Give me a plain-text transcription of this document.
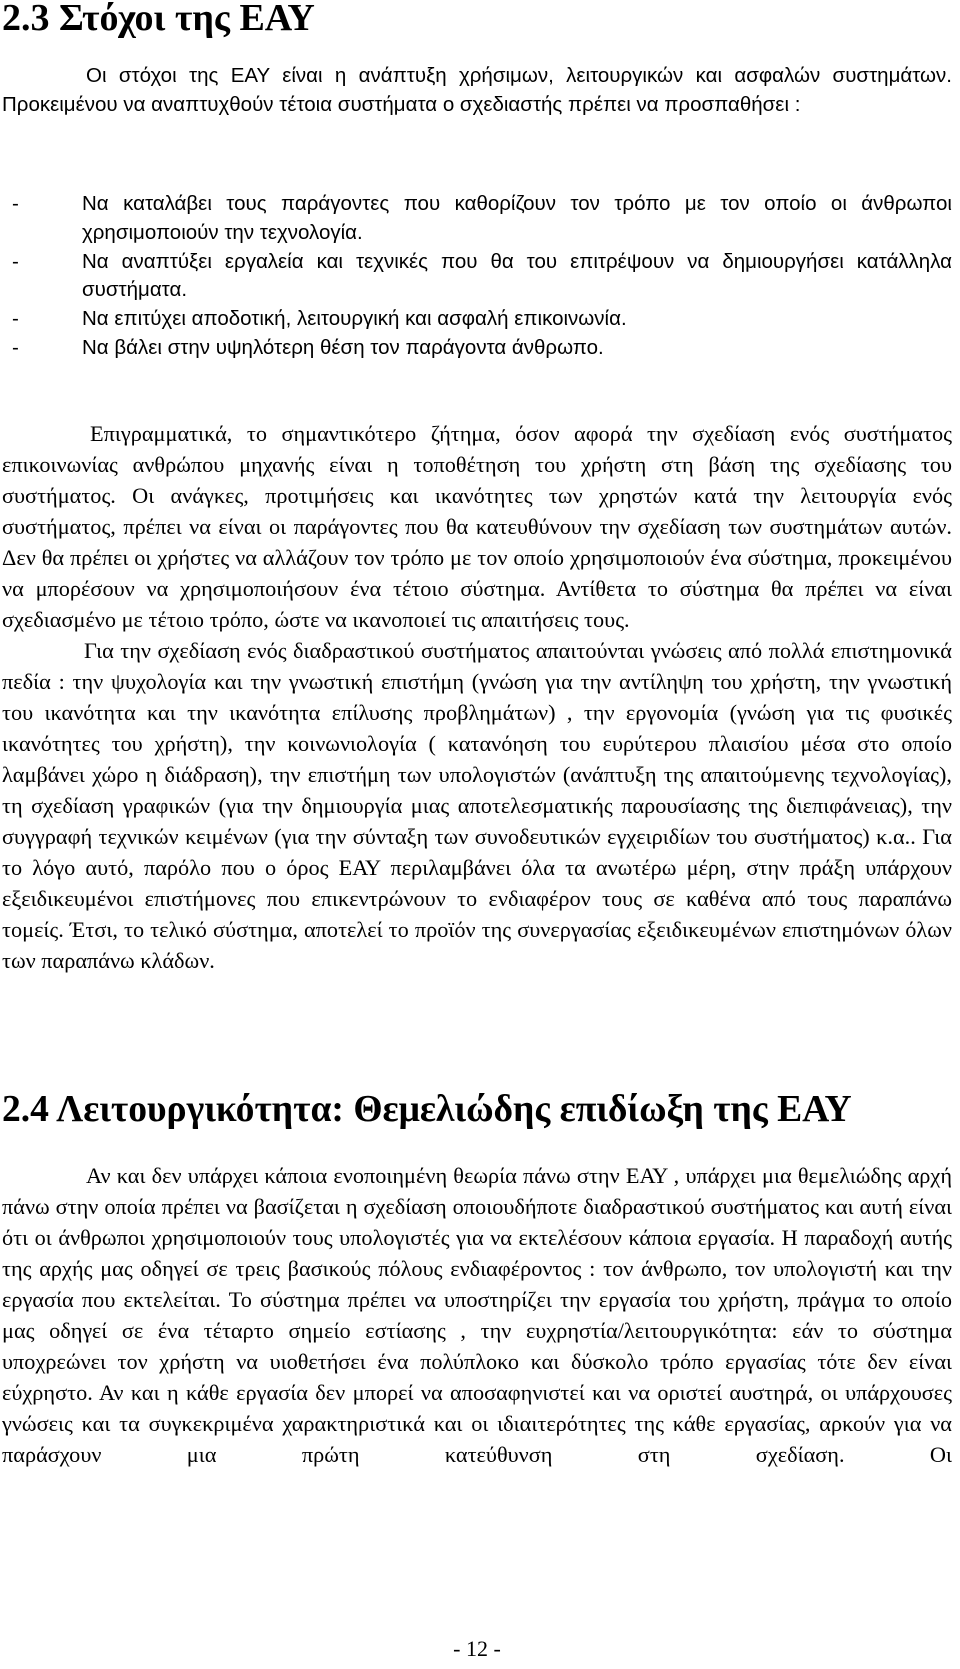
2.3 Στόχοι της ΕΑΥ

Οι στόχοι της ΕΑΥ είναι η ανάπτυξη χρήσιμων, λειτουργικών και ασφαλών συστημάτων. Προκειμένου να αναπτυχθούν τέτοια συστήματα ο σχεδιαστής πρέπει να προσπαθήσει :

-	Να καταλάβει τους παράγοντες που καθορίζουν τον τρόπο με τον οποίο οι άνθρωποι χρησιμοποιούν την τεχνολογία.
-	Να αναπτύξει εργαλεία και τεχνικές που θα του επιτρέψουν να δημιουργήσει κατάλληλα συστήματα.
-	Να επιτύχει αποδοτική, λειτουργική και ασφαλή επικοινωνία.
-	Να βάλει στην υψηλότερη θέση τον παράγοντα άνθρωπο.

Επιγραμματικά, το σημαντικότερο ζήτημα, όσον αφορά την σχεδίαση ενός συστήματος επικοινωνίας ανθρώπου μηχανής είναι η τοποθέτηση του χρήστη στη βάση της σχεδίασης του συστήματος. Οι ανάγκες, προτιμήσεις και ικανότητες των χρηστών κατά την λειτουργία ενός συστήματος, πρέπει να είναι οι παράγοντες που θα κατευθύνουν την σχεδίαση των συστημάτων αυτών. Δεν θα πρέπει οι χρήστες να αλλάζουν τον τρόπο με τον οποίο χρησιμοποιούν ένα σύστημα, προκειμένου να μπορέσουν να χρησιμοποιήσουν ένα τέτοιο σύστημα. Αντίθετα το σύστημα θα πρέπει να είναι σχεδιασμένο με τέτοιο τρόπο, ώστε να ικανοποιεί τις απαιτήσεις τους.

Για την σχεδίαση ενός διαδραστικού συστήματος απαιτούνται γνώσεις από πολλά επιστημονικά πεδία : την ψυχολογία και την γνωστική επιστήμη (γνώση για την αντίληψη του χρήστη, την γνωστική του ικανότητα και την ικανότητα επίλυσης προβλημάτων) , την εργονομία (γνώση για τις φυσικές ικανότητες του χρήστη), την κοινωνιολογία ( κατανόηση του ευρύτερου πλαισίου μέσα στο οποίο λαμβάνει χώρο η διάδραση), την επιστήμη των υπολογιστών (ανάπτυξη της απαιτούμενης τεχνολογίας), τη σχεδίαση γραφικών (για την δημιουργία μιας αποτελεσματικής παρουσίασης της διεπιφάνειας), την συγγραφή τεχνικών κειμένων (για την σύνταξη των συνοδευτικών εγχειριδίων του συστήματος) κ.α.. Για το λόγο αυτό, παρόλο που ο όρος ΕΑΥ περιλαμβάνει όλα τα ανωτέρω μέρη, στην πράξη υπάρχουν εξειδικευμένοι επιστήμονες που επικεντρώνουν το ενδιαφέρον τους σε καθένα από τους παραπάνω τομείς. Έτσι, το τελικό σύστημα, αποτελεί το προϊόν της συνεργασίας εξειδικευμένων επιστημόνων όλων των παραπάνω κλάδων.

2.4 Λειτουργικότητα: Θεμελιώδης επιδίωξη της ΕΑΥ

Αν και δεν υπάρχει κάποια ενοποιημένη θεωρία πάνω στην ΕΑΥ , υπάρχει μια θεμελιώδης αρχή πάνω στην οποία πρέπει να βασίζεται η σχεδίαση οποιουδήποτε διαδραστικού συστήματος και αυτή είναι ότι οι άνθρωποι χρησιμοποιούν τους υπολογιστές για να εκτελέσουν κάποια εργασία. Η παραδοχή αυτής της αρχής μας οδηγεί σε τρεις βασικούς πόλους ενδιαφέροντος : τον άνθρωπο, τον υπολογιστή και την εργασία που εκτελείται. Το σύστημα πρέπει να υποστηρίζει την εργασία του χρήστη, πράγμα το οποίο μας οδηγεί σε ένα τέταρτο σημείο εστίασης , την ευχρηστία/λειτουργικότητα: εάν το σύστημα υποχρεώνει τον χρήστη να υιοθετήσει ένα πολύπλοκο και δύσκολο τρόπο εργασίας τότε δεν είναι εύχρηστο. Αν και η κάθε εργασία δεν μπορεί να αποσαφηνιστεί και να οριστεί αυστηρά, οι υπάρχουσες γνώσεις και τα συγκεκριμένα χαρακτηριστικά και οι ιδιαιτερότητες της κάθε εργασίας, αρκούν για να παράσχουν μια πρώτη κατεύθυνση στη σχεδίαση. Οι

- 12 -
